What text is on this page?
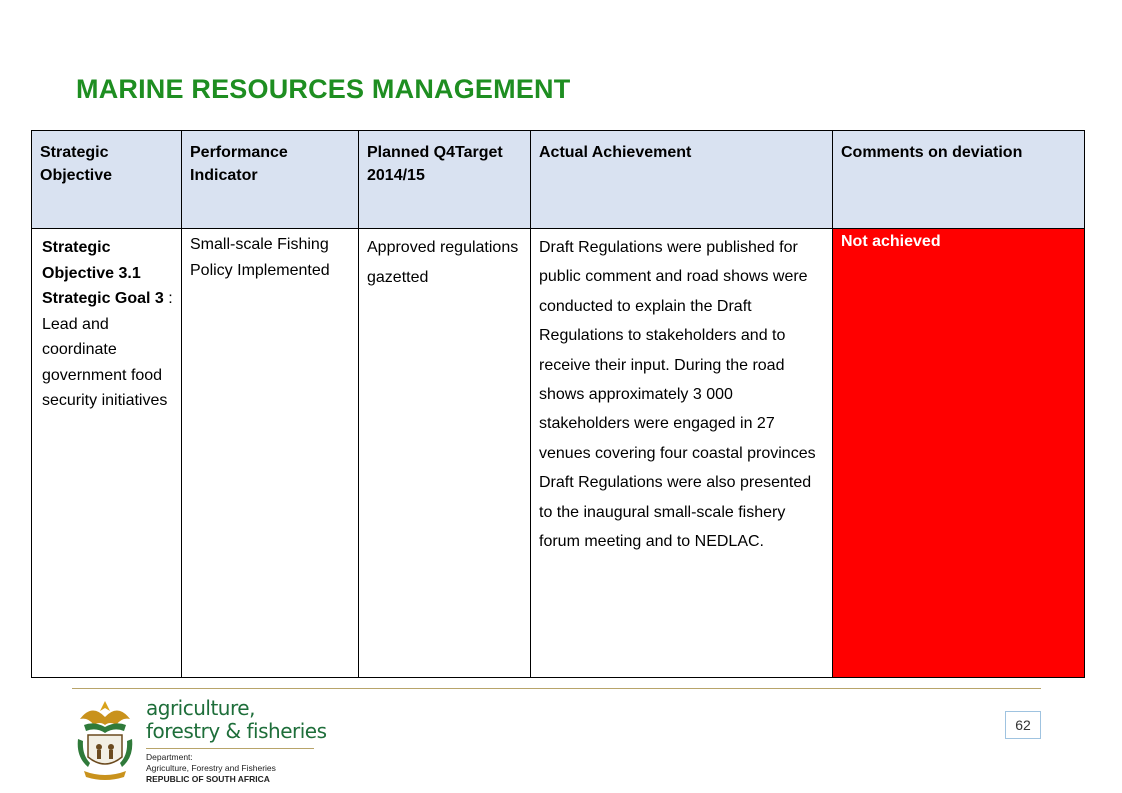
MARINE RESOURCES MANAGEMENT
Strategic Objective	Performance Indicator	Planned Q4Target 2014/15	Actual Achievement	Comments on deviation
Strategic Objective 3.1 Strategic Goal 3 : Lead and coordinate government food security initiatives	Small-scale Fishing Policy Implemented	Approved regulations gazetted	Draft Regulations were published for public comment and road shows were conducted to explain the Draft Regulations to stakeholders and to receive their input. During the road shows approximately 3 000 stakeholders were engaged in 27 venues covering four coastal provinces Draft Regulations were also presented to the inaugural small-scale fishery forum meeting and to NEDLAC.	Not achieved
agriculture,
forestry & fisheries
Department:
Agriculture, Forestry and Fisheries
REPUBLIC OF SOUTH AFRICA
62
